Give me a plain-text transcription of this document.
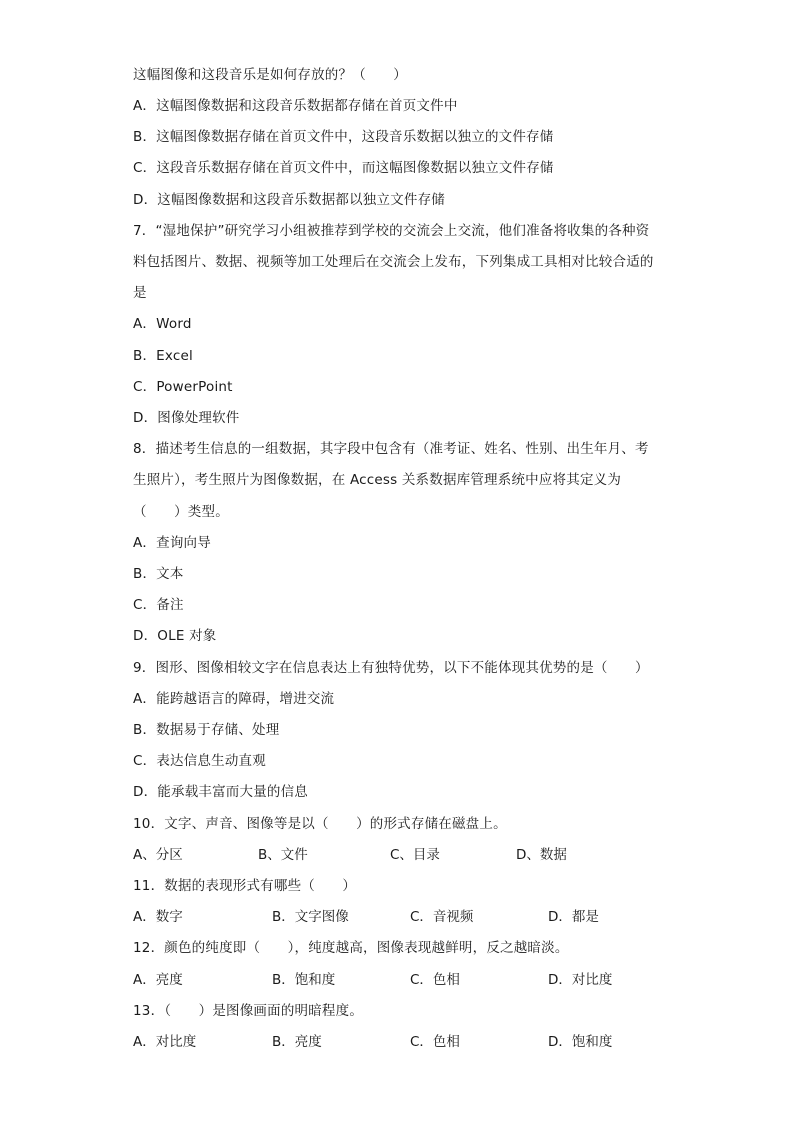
这幅图像和这段音乐是如何存放的？（　　）
A．这幅图像数据和这段音乐数据都存储在首页文件中
B．这幅图像数据存储在首页文件中，这段音乐数据以独立的文件存储
C．这段音乐数据存储在首页文件中，而这幅图像数据以独立文件存储
D．这幅图像数据和这段音乐数据都以独立文件存储
7．“湿地保护”研究学习小组被推荐到学校的交流会上交流，他们准备将收集的各种资
料包括图片、数据、视频等加工处理后在交流会上发布，下列集成工具相对比较合适的
是
A．Word
B．Excel
C．PowerPoint
D．图像处理软件
8．描述考生信息的一组数据，其字段中包含有（准考证、姓名、性别、出生年月、考
生照片），考生照片为图像数据，在 Access 关系数据库管理系统中应将其定义为
（　　）类型。
A．查询向导
B．文本
C．备注
D．OLE 对象
9．图形、图像相较文字在信息表达上有独特优势，以下不能体现其优势的是（　　）
A．能跨越语言的障碍，增进交流
B．数据易于存储、处理
C．表达信息生动直观
D．能承载丰富而大量的信息
10．文字、声音、图像等是以（　　）的形式存储在磁盘上。
A、分区	B、文件	C、目录	D、数据
11．数据的表现形式有哪些（　　）
A．数字	B．文字图像	C．音视频	D．都是
12．颜色的纯度即（　　），纯度越高，图像表现越鲜明，反之越暗淡。
A．亮度	B．饱和度	C．色相	D．对比度
13．（　　）是图像画面的明暗程度。
A．对比度	B．亮度	C．色相	D．饱和度
